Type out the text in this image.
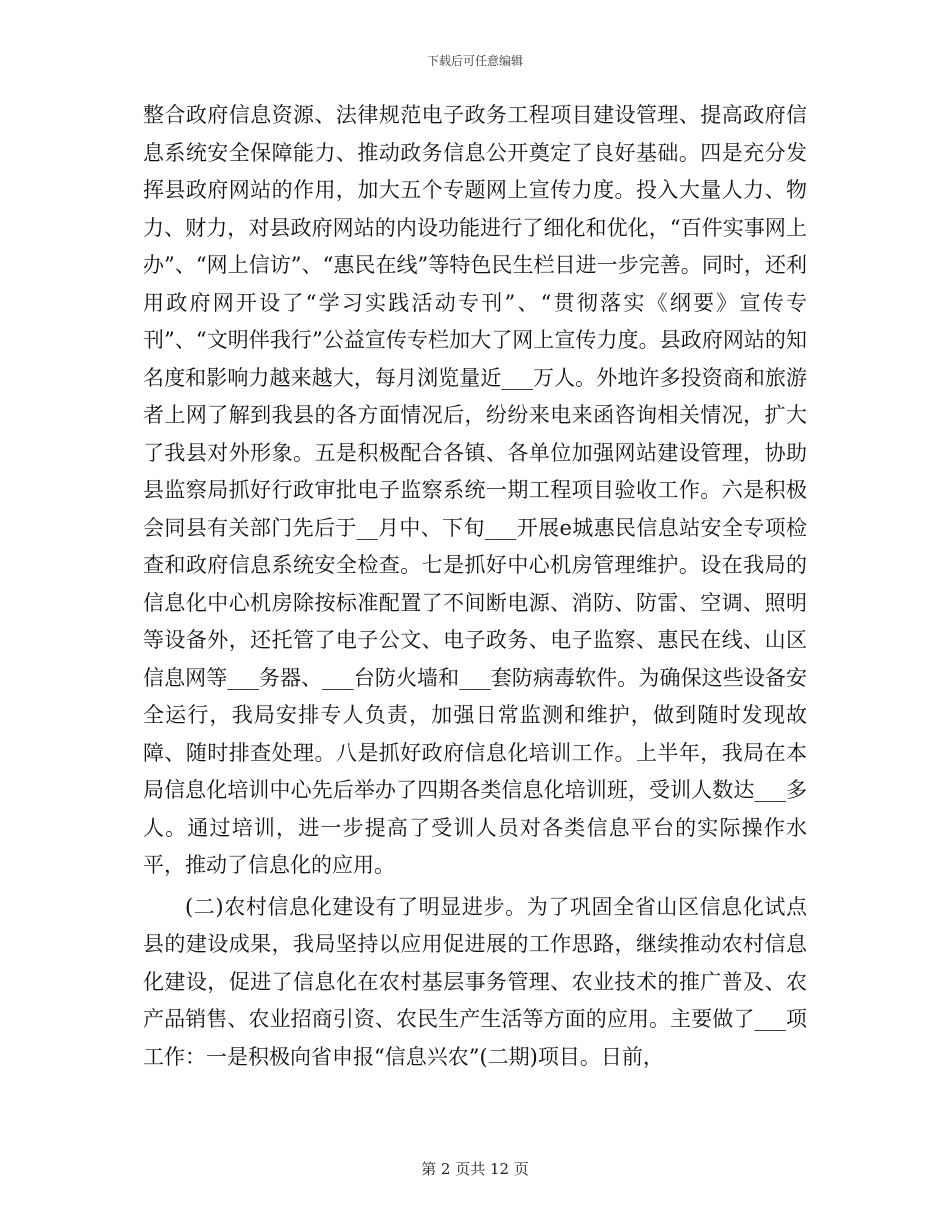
下载后可任意编辑

整合政府信息资源、法律规范电子政务工程项目建设管理、提高政府信息系统安全保障能力、推动政务信息公开奠定了良好基础。四是充分发挥县政府网站的作用，加大五个专题网上宣传力度。投入大量人力、物力、财力，对县政府网站的内设功能进行了细化和优化，“百件实事网上办”、“网上信访”、“惠民在线”等特色民生栏目进一步完善。同时，还利用政府网开设了“学习实践活动专刊”、“贯彻落实《纲要》宣传专刊”、“文明伴我行”公益宣传专栏加大了网上宣传力度。县政府网站的知名度和影响力越来越大，每月浏览量近___万人。外地许多投资商和旅游者上网了解到我县的各方面情况后，纷纷来电来函咨询相关情况，扩大了我县对外形象。五是积极配合各镇、各单位加强网站建设管理，协助县监察局抓好行政审批电子监察系统一期工程项目验收工作。六是积极会同县有关部门先后于__月中、下旬___开展e城惠民信息站安全专项检查和政府信息系统安全检查。七是抓好中心机房管理维护。设在我局的信息化中心机房除按标准配置了不间断电源、消防、防雷、空调、照明等设备外，还托管了电子公文、电子政务、电子监察、惠民在线、山区信息网等___务器、___台防火墙和___套防病毒软件。为确保这些设备安全运行，我局安排专人负责，加强日常监测和维护，做到随时发现故障、随时排查处理。八是抓好政府信息化培训工作。上半年，我局在本局信息化培训中心先后举办了四期各类信息化培训班，受训人数达___多人。通过培训，进一步提高了受训人员对各类信息平台的实际操作水平，推动了信息化的应用。

(二)农村信息化建设有了明显进步。为了巩固全省山区信息化试点县的建设成果，我局坚持以应用促进展的工作思路，继续推动农村信息化建设，促进了信息化在农村基层事务管理、农业技术的推广普及、农产品销售、农业招商引资、农民生产生活等方面的应用。主要做了___项工作：一是积极向省申报“信息兴农”(二期)项目。日前，

第 2 页共 12 页
